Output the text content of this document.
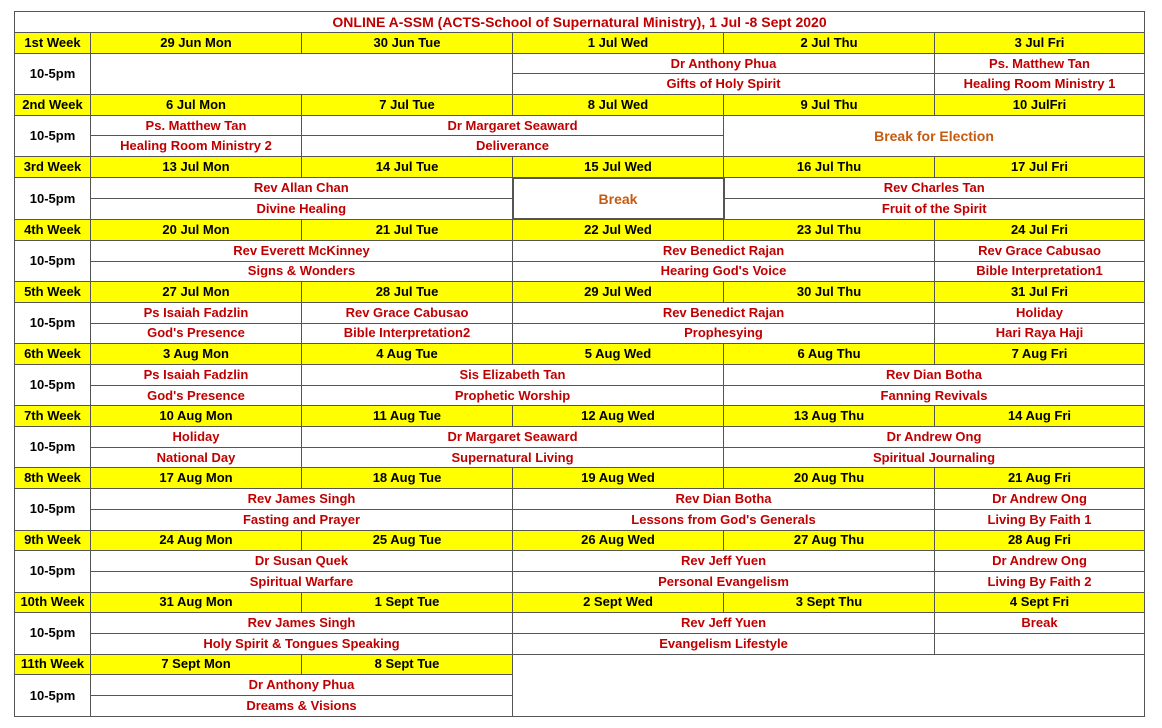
ONLINE A-SSM (ACTS-School of Supernatural Ministry), 1 Jul -8 Sept 2020					
1st Week	29 Jun Mon	30 Jun Tue	1 Jul Wed	2 Jul Thu	3 Jul Fri
10-5pm			Dr Anthony Phua		Ps. Matthew Tan
			Gifts of Holy Spirit		Healing Room Ministry 1
2nd Week	6 Jul Mon	7 Jul Tue	8 Jul Wed	9 Jul Thu	10 JulFri
10-5pm	Ps. Matthew Tan	Dr Margaret Seaward		Break for Election	
	Healing Room Ministry 2	Deliverance			
3rd Week	13 Jul Mon	14 Jul Tue	15 Jul Wed	16 Jul Thu	17 Jul Fri
10-5pm	Rev Allan Chan		Break	Rev Charles Tan	
	Divine Healing			Fruit of the Spirit	
4th Week	20 Jul Mon	21 Jul Tue	22 Jul Wed	23 Jul Thu	24 Jul Fri
10-5pm	Rev Everett McKinney		Rev Benedict Rajan		Rev Grace Cabusao
	Signs & Wonders		Hearing God's Voice		Bible Interpretation1
5th Week	27 Jul Mon	28 Jul Tue	29 Jul Wed	30 Jul Thu	31 Jul Fri
10-5pm	Ps Isaiah Fadzlin	Rev Grace Cabusao	Rev Benedict Rajan		Holiday
	God's Presence	Bible Interpretation2	Prophesying		Hari Raya Haji
6th Week	3 Aug Mon	4 Aug Tue	5 Aug Wed	6 Aug Thu	7 Aug Fri
10-5pm	Ps Isaiah Fadzlin	Sis Elizabeth Tan		Rev Dian Botha	
	God's Presence	Prophetic Worship		Fanning Revivals	
7th Week	10 Aug Mon	11 Aug Tue	12 Aug Wed	13 Aug Thu	14 Aug Fri
10-5pm	Holiday	Dr Margaret Seaward		Dr Andrew Ong	
	National Day	Supernatural Living		Spiritual Journaling	
8th Week	17 Aug Mon	18 Aug Tue	19 Aug Wed	20 Aug Thu	21 Aug Fri
10-5pm	Rev James Singh		Rev Dian Botha		Dr Andrew Ong
	Fasting and Prayer		Lessons from God's Generals		Living By Faith 1
9th Week	24 Aug Mon	25 Aug Tue	26 Aug Wed	27 Aug Thu	28 Aug Fri
10-5pm	Dr Susan Quek		Rev Jeff Yuen		Dr Andrew Ong
	Spiritual Warfare		Personal Evangelism		Living By Faith 2
10th Week	31 Aug Mon	1 Sept Tue	2 Sept Wed	3 Sept Thu	4 Sept Fri
10-5pm	Rev James Singh		Rev Jeff Yuen		Break
	Holy Spirit & Tongues Speaking		Evangelism Lifestyle		
11th Week	7 Sept Mon	8 Sept Tue			
10-5pm	Dr Anthony Phua				
	Dreams & Visions				
